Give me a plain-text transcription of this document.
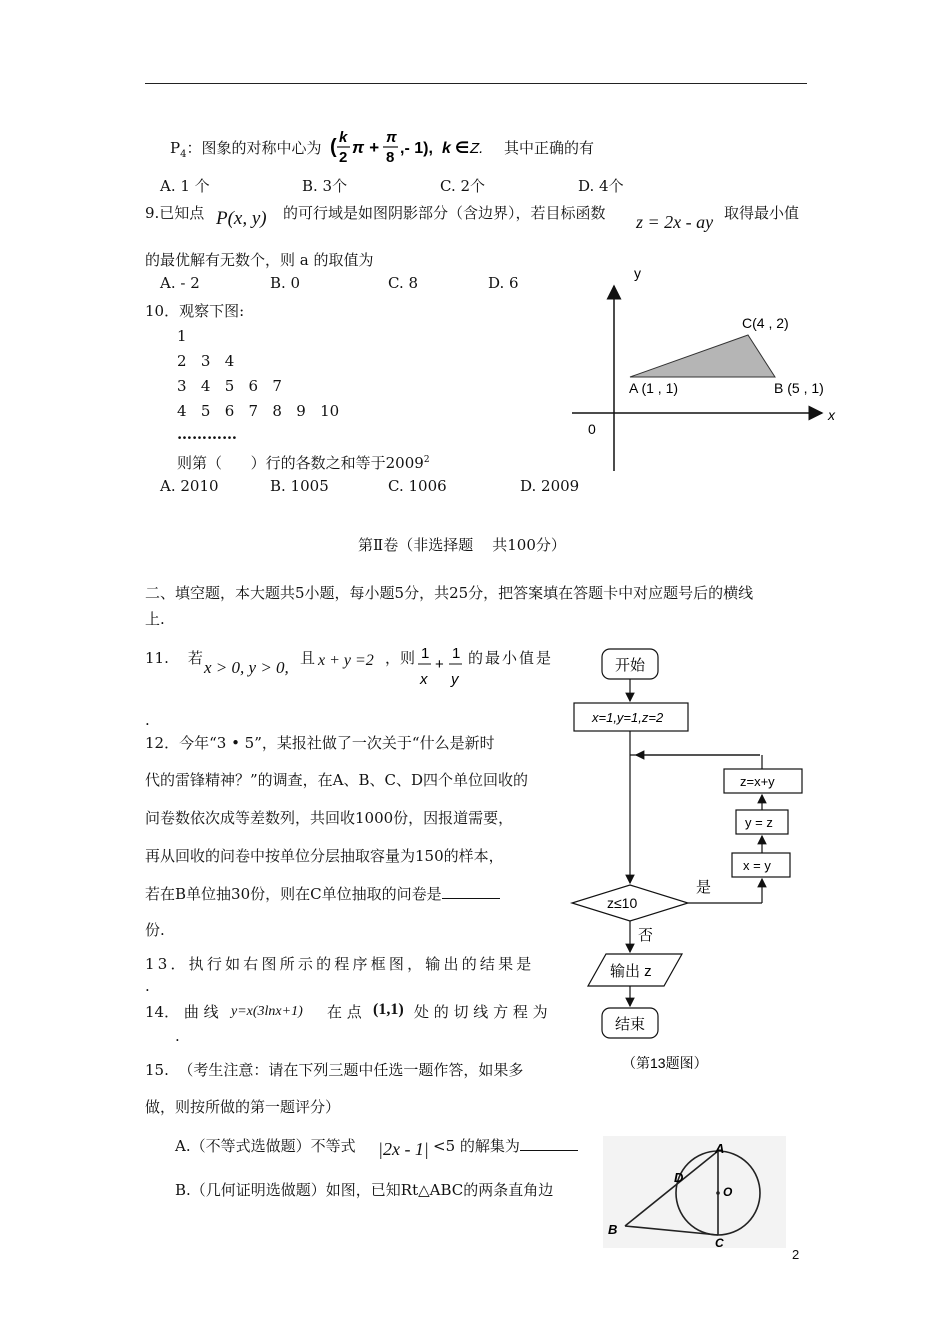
$P_4$：图象的对称中心为 ( k
2
π +
π
8
,- 1), k ∈ Z. 其中正确的有
A. 1 个	B. 3个	C. 2个	D. 4个
9.已知点 P(x, y) 的可行域是如图阴影部分（含边界），若目标函数 z = 2x - ay 取得最小值
的最优解有无数个，则 a 的取值为
A. - 2	B. 0	C. 8	D. 6
y
x
0
A (1 , 1)	B (5 , 1)
C(4 , 2)
10．观察下图:
1
2   3   4
3   4   5   6   7
4   5   6   7   8   9   10
…………
则第（      ）行的各数之和等于2009$^2$
A. 2010	B. 1005	C. 1006	D. 2009
第Ⅱ卷（非选择题    共100分）
二、填空题，本大题共5小题，每小题5分，共25分，把答案填在答题卡中对应题号后的横线
上.
11.    若 x > 0, y > 0, 且 x + y =2 ，则 1
x
+
1
y
的最小值是
.
12．今年“3 • 5”，某报社做了一次关于“什么是新时
代的雷锋精神？”的调查，在A、B、C、D四个单位回收的
问卷数依次成等差数列，共回收1000份，因报道需要，
再从回收的问卷中按单位分层抽取容量为150的样本，
若在B单位抽30份，则在C单位抽取的问卷是
份.
13．执行如右图所示的程序框图，输出的结果是
.
14． 曲 线 y=x(3lnx+1) 在 点 (1,1) 处 的 切 线 方 程 为
.
15.  （考生注意：请在下列三题中任选一题作答，如果多
做，则按所做的第一题评分）
A.（不等式选做题）不等式 |2x - 1| <5 的解集为
B.（几何证明选做题）如图，已知Rt△ABC的两条直角边
开始
x=1,y=1,z=2
z=x+y
y = z
x = y
z≤10
是
否
输出 z
结束
（第13题图）
A
B
C
D
O
2
